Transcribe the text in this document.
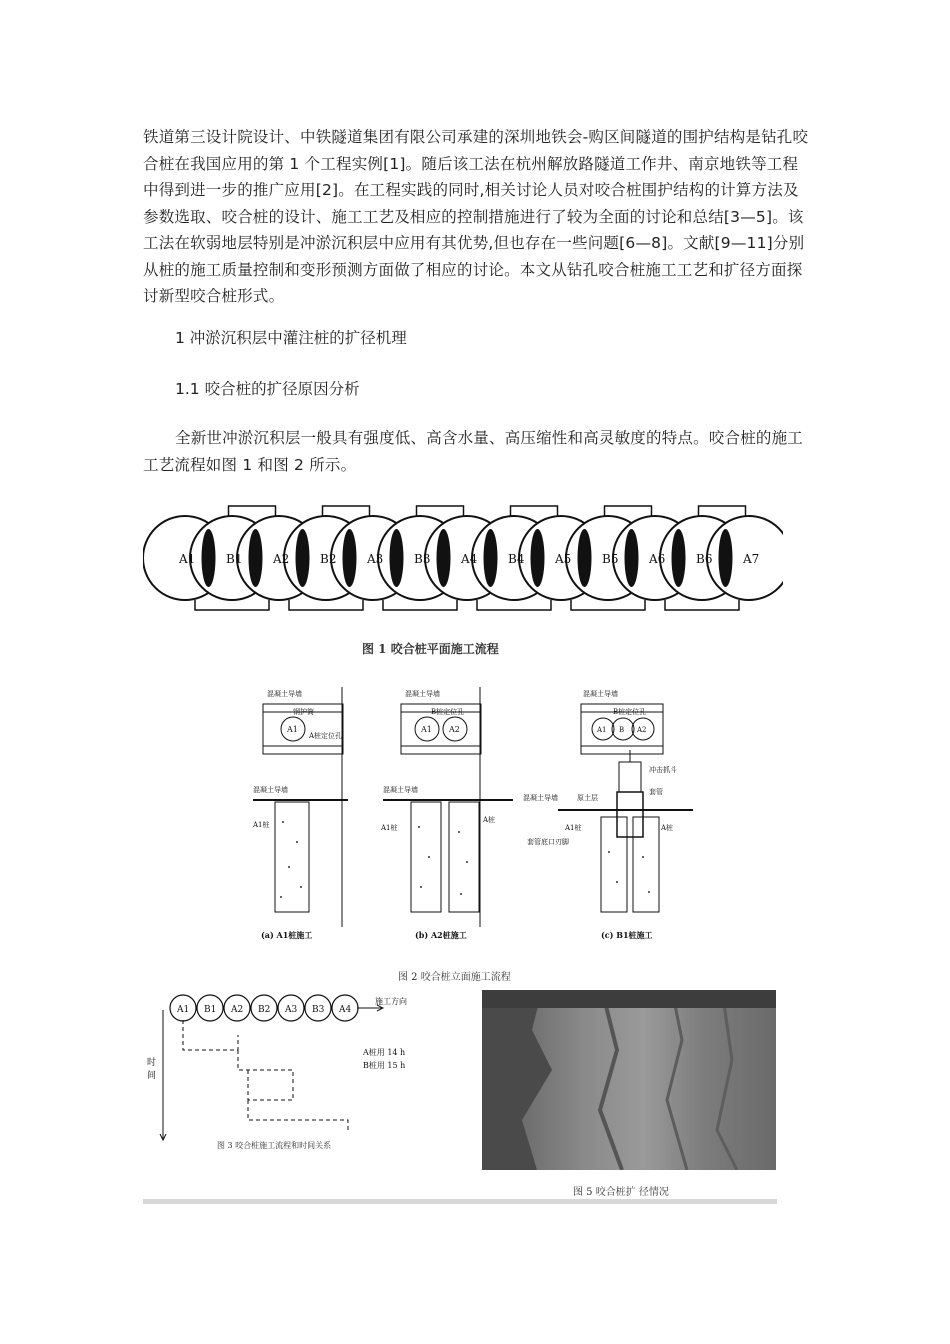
铁道第三设计院设计、中铁隧道集团有限公司承建的深圳地铁会-购区间隧道的围护结构是钻孔咬合桩在我国应用的第 1 个工程实例[1]。随后该工法在杭州解放路隧道工作井、南京地铁等工程中得到进一步的推广应用[2]。在工程实践的同时,相关讨论人员对咬合桩围护结构的计算方法及参数选取、咬合桩的设计、施工工艺及相应的控制措施进行了较为全面的讨论和总结[3—5]。该工法在软弱地层特别是冲淤沉积层中应用有其优势,但也存在一些问题[6—8]。文献[9—11]分别从桩的施工质量控制和变形预测方面做了相应的讨论。本文从钻孔咬合桩施工工艺和扩径方面探讨新型咬合桩形式。
1 冲淤沉积层中灌注桩的扩径机理
1.1 咬合桩的扩径原因分析
全新世冲淤沉积层一般具有强度低、高含水量、高压缩性和高灵敏度的特点。咬合桩的施工工艺流程如图 1 和图 2 所示。
A1	B1	A2	B2	A3	B3	A4	B4	A5	B5	A6	B6	A7
图 1 咬合桩平面施工流程
混凝土导墙	混凝土导墙	混凝土导墙
钢护筒
A桩定位孔
B桩定位孔	B桩定位孔
A1	A1 A2	A1 B A2
混凝土导墙	混凝土导墙
混凝土导墙
A1桩	A1桩
A桩
冲击抓斗
套管
原土层
A1桩	A桩
套管底口刃脚
(a) A1桩施工	(b) A2桩施工	(c) B1桩施工
图 2 咬合桩立面施工流程
A1 B1 A2 B2 A3 B3 A4
时
间
施工方向
A桩用 14 h
B桩用 15 h
图 3 咬合桩施工流程和时间关系
图 5 咬合桩扩 径情况
